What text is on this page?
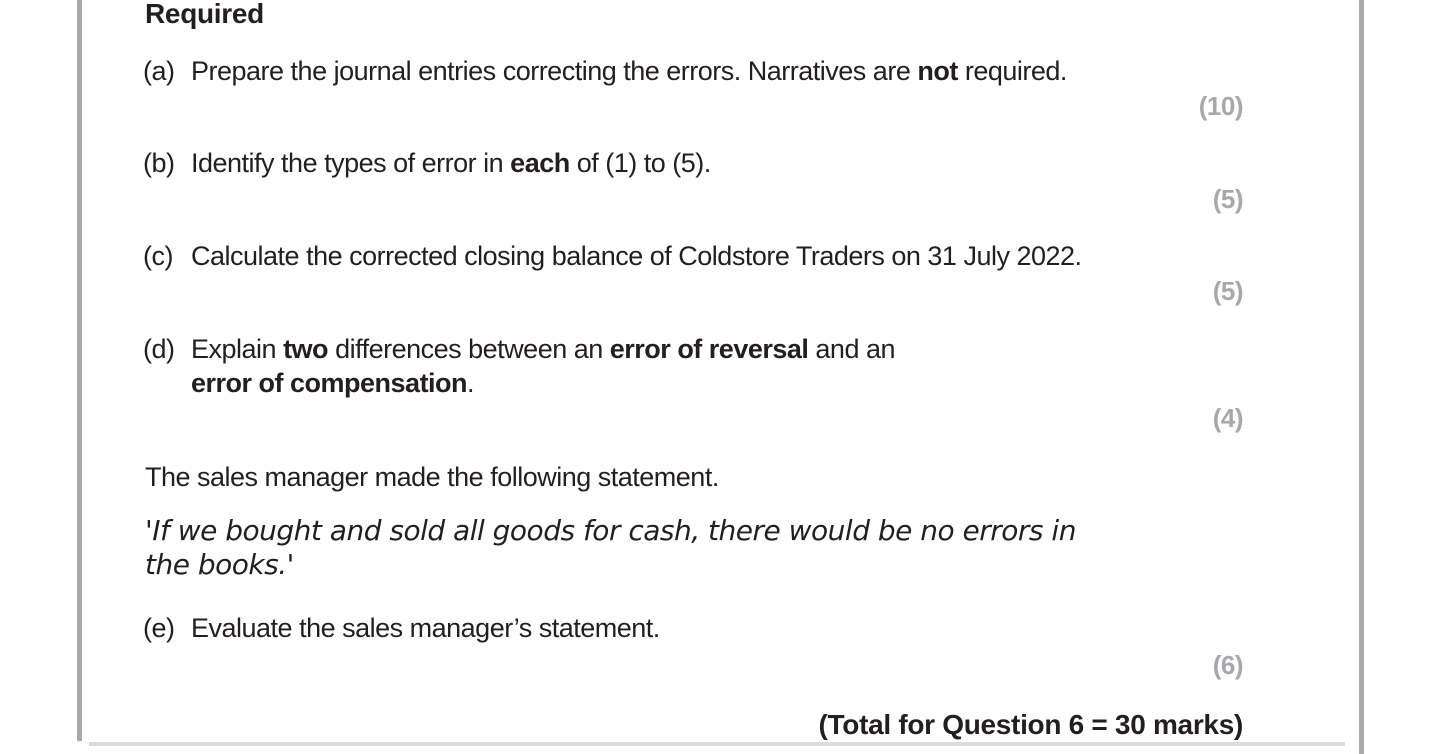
Required
(a) Prepare the journal entries correcting the errors. Narratives are not required.
(10)
(b) Identify the types of error in each of (1) to (5).
(5)
(c) Calculate the corrected closing balance of Coldstore Traders on 31 July 2022.
(5)
(d) Explain two differences between an error of reversal and an
error of compensation.
(4)
The sales manager made the following statement.
'If we bought and sold all goods for cash, there would be no errors in
the books.'
(e) Evaluate the sales manager’s statement.
(6)
(Total for Question 6 = 30 marks)
